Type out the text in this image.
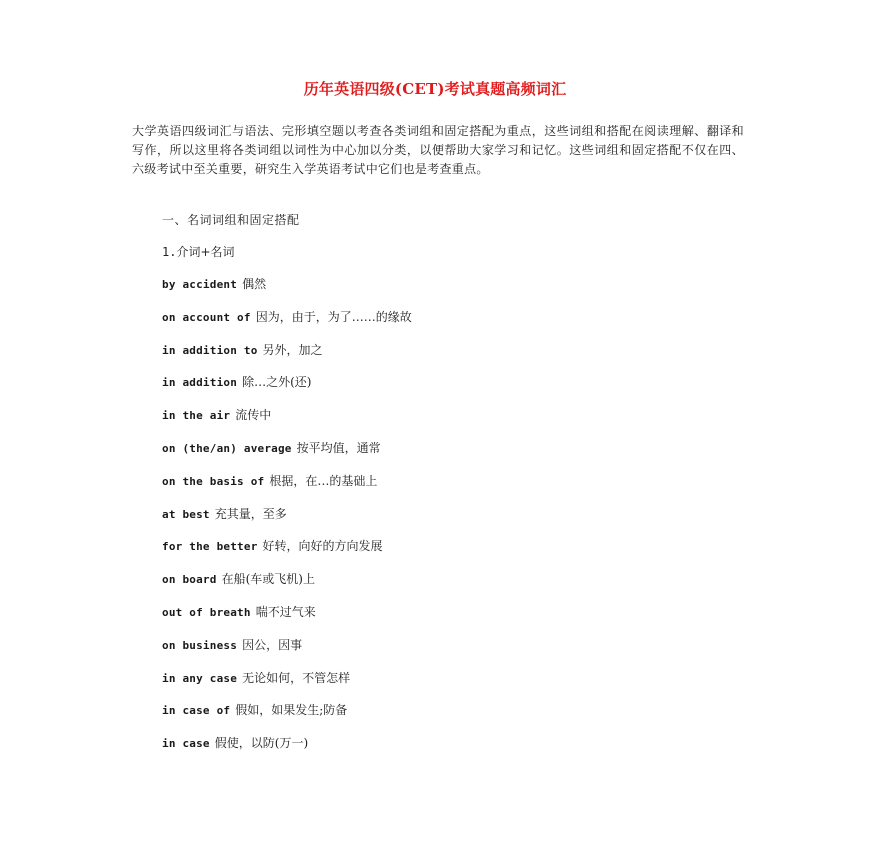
历年英语四级(CET)考试真题高频词汇
大学英语四级词汇与语法、完形填空题以考查各类词组和固定搭配为重点，这些词组和搭配在阅读理解、翻译和写作，所以这里将各类词组以词性为中心加以分类，以便帮助大家学习和记忆。这些词组和固定搭配不仅在四、六级考试中至关重要，研究生入学英语考试中它们也是考查重点。
一、名词词组和固定搭配
1.介词+名词
by accident 偶然
on account of 因为，由于，为了……的缘故
in addition to 另外，加之
in addition 除…之外(还)
in the air 流传中
on (the/an) average 按平均值，通常
on the basis of 根据，在…的基础上
at best 充其量，至多
for the better 好转，向好的方向发展
on board 在船(车或飞机)上
out of breath 喘不过气来
on business 因公，因事
in any case 无论如何，不管怎样
in case of 假如，如果发生;防备
in case 假使，以防(万一)
